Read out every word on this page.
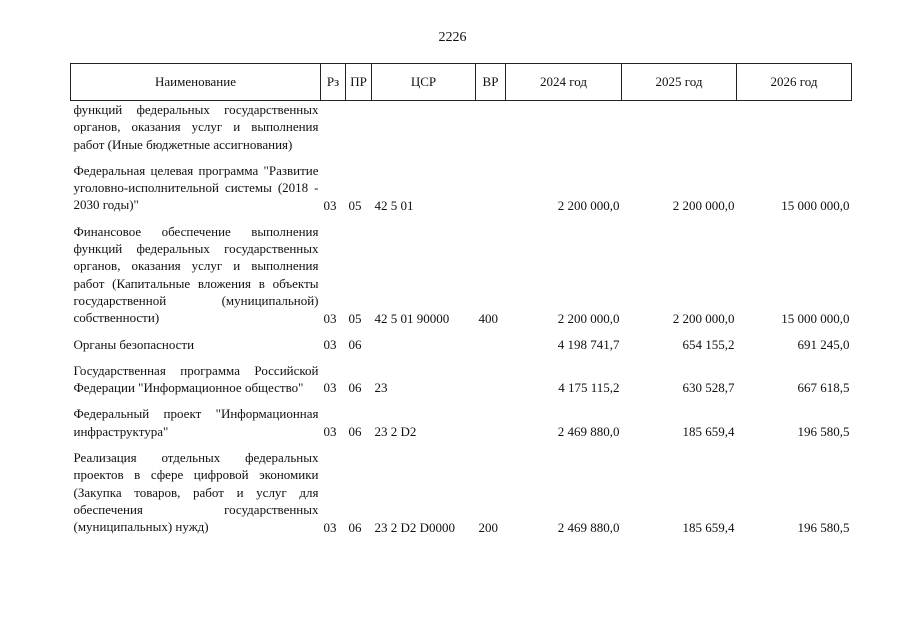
2226
Наименование	Рз	ПР	ЦСР	ВР	2024 год	2025 год	2026 год
функций федеральных государственных органов, оказания услуг и выполнения работ (Иные бюджетные ассигнования)							
Федеральная целевая программа "Развитие уголовно-исполнительной системы (2018 - 2030 годы)"	03	05	42 5 01		2 200 000,0	2 200 000,0	15 000 000,0
Финансовое обеспечение выполнения функций федеральных государственных органов, оказания услуг и выполнения работ (Капитальные вложения в объекты государственной (муниципальной) собственности)	03	05	42 5 01 90000	400	2 200 000,0	2 200 000,0	15 000 000,0
Органы безопасности	03	06			4 198 741,7	654 155,2	691 245,0
Государственная программа Российской Федерации "Информационное общество"	03	06	23		4 175 115,2	630 528,7	667 618,5
Федеральный проект "Информационная инфраструктура"	03	06	23 2 D2		2 469 880,0	185 659,4	196 580,5
Реализация отдельных федеральных проектов в сфере цифровой экономики (Закупка товаров, работ и услуг для обеспечения государственных (муниципальных) нужд)	03	06	23 2 D2 D0000	200	2 469 880,0	185 659,4	196 580,5
